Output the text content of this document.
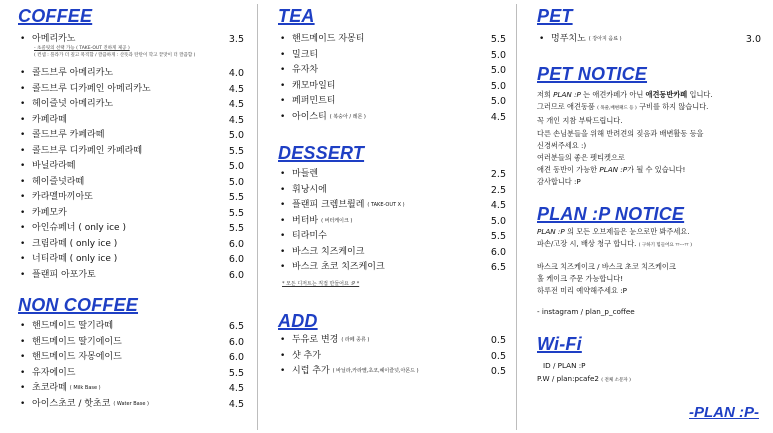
COFFEE
• 아메리카노	3.5
- 초콜릿의 선택 가능 ( TAKE-OUT 진하게 제공 )
( 컨셉 : 플라가 더 깊고 묵직함 / 깔끔하게 : 산뜻과 탄탄이 학고 끝맛이 더 깔끔함 )
• 콜드브루 아메리카노	4.0
• 콜드브루 디카페인 아메리카노	4.5
• 헤이즐넛 아메리카노	4.5
• 카페라떼	4.5
• 콜드브루 카페라떼	5.0
• 콜드브루 디카페인 카페라떼	5.5
• 바닐라라떼	5.0
• 헤이즐넛라떼	5.0
• 카라멜마끼아또	5.5
• 카페모카	5.5
• 아인슈페너 ( only ice )	5.5
• 크림라떼 ( only ice )	6.0
• 너티라떼 ( only ice )	6.0
• 플랜피 아포가토	6.0
NON COFFEE
• 핸드메이드 딸기라떼	6.5
• 핸드메이드 딸기에이드	6.0
• 핸드메이드 자몽에이드	6.0
• 유자에이드	5.5
• 초코라떼 ( Milk Base )	4.5
• 아이스초코 / 핫초코 ( Water Base )	4.5
TEA
• 핸드메이드 자몽티	5.5
• 밀크티	5.0
• 유자차	5.0
• 캐모마일티	5.0
• 페퍼민트티	5.0
• 아이스티 ( 복숭아 / 레몬 )	4.5
DESSERT
• 마들렌	2.5
• 휘낭시에	2.5
• 플랜피 크렘브륄레 ( TAKE-OUT X )	4.5
• 버터바 ( 버터케이크 )	5.0
• 티라미수	5.5
• 바스크 치즈케이크	6.0
• 바스크 초코 치즈케이크	6.5
* 모든 디저트는 직접 만들어요 :P *
ADD
• 두유로 변경 ( 라떼 종류 )	0.5
• 샷 추가	0.5
• 시럽 추가 ( 바닐라,카라멜,초코,헤이즐넛,아몬드 )	0.5
PET
• 멍푸치노 ( 강아지 음료 )	3.0
PET NOTICE
저희 PLAN :P 는 애견카페가 아닌 애견동반카페 입니다.
그러므로 애견동품 ( 목줄,배변패드 등 ) 구비를 하지 않습니다.
꼭 개인 지참 부탁드립니다.
다른 손님분들을 위해 반려견의 짖음과 배변활동 등을
신경써주세요 :)
여러분들의 좋은 펫티켓으로
애견 동반이 가능한 PLAN :P가 될 수 있습니다!
감사합니다 :P
PLAN :P NOTICE
PLAN :P 의 모든 오브제들은 눈으로만 봐주세요.
파손/고장 시, 배상 청구 합니다. ( 구하기 힘들어요 ㅠ---ㅠ )
바스크 치즈케이크 / 바스크 초코 치즈케이크
홀 케이크 주문 가능합니다!
하루전 미리 예약해주세요 :P
- instagram / plan_p_coffee
Wi-Fi
ID / PLAN :P
P.W / plan:pcafe2 ( 전체 소문자 )
-PLAN :P-
